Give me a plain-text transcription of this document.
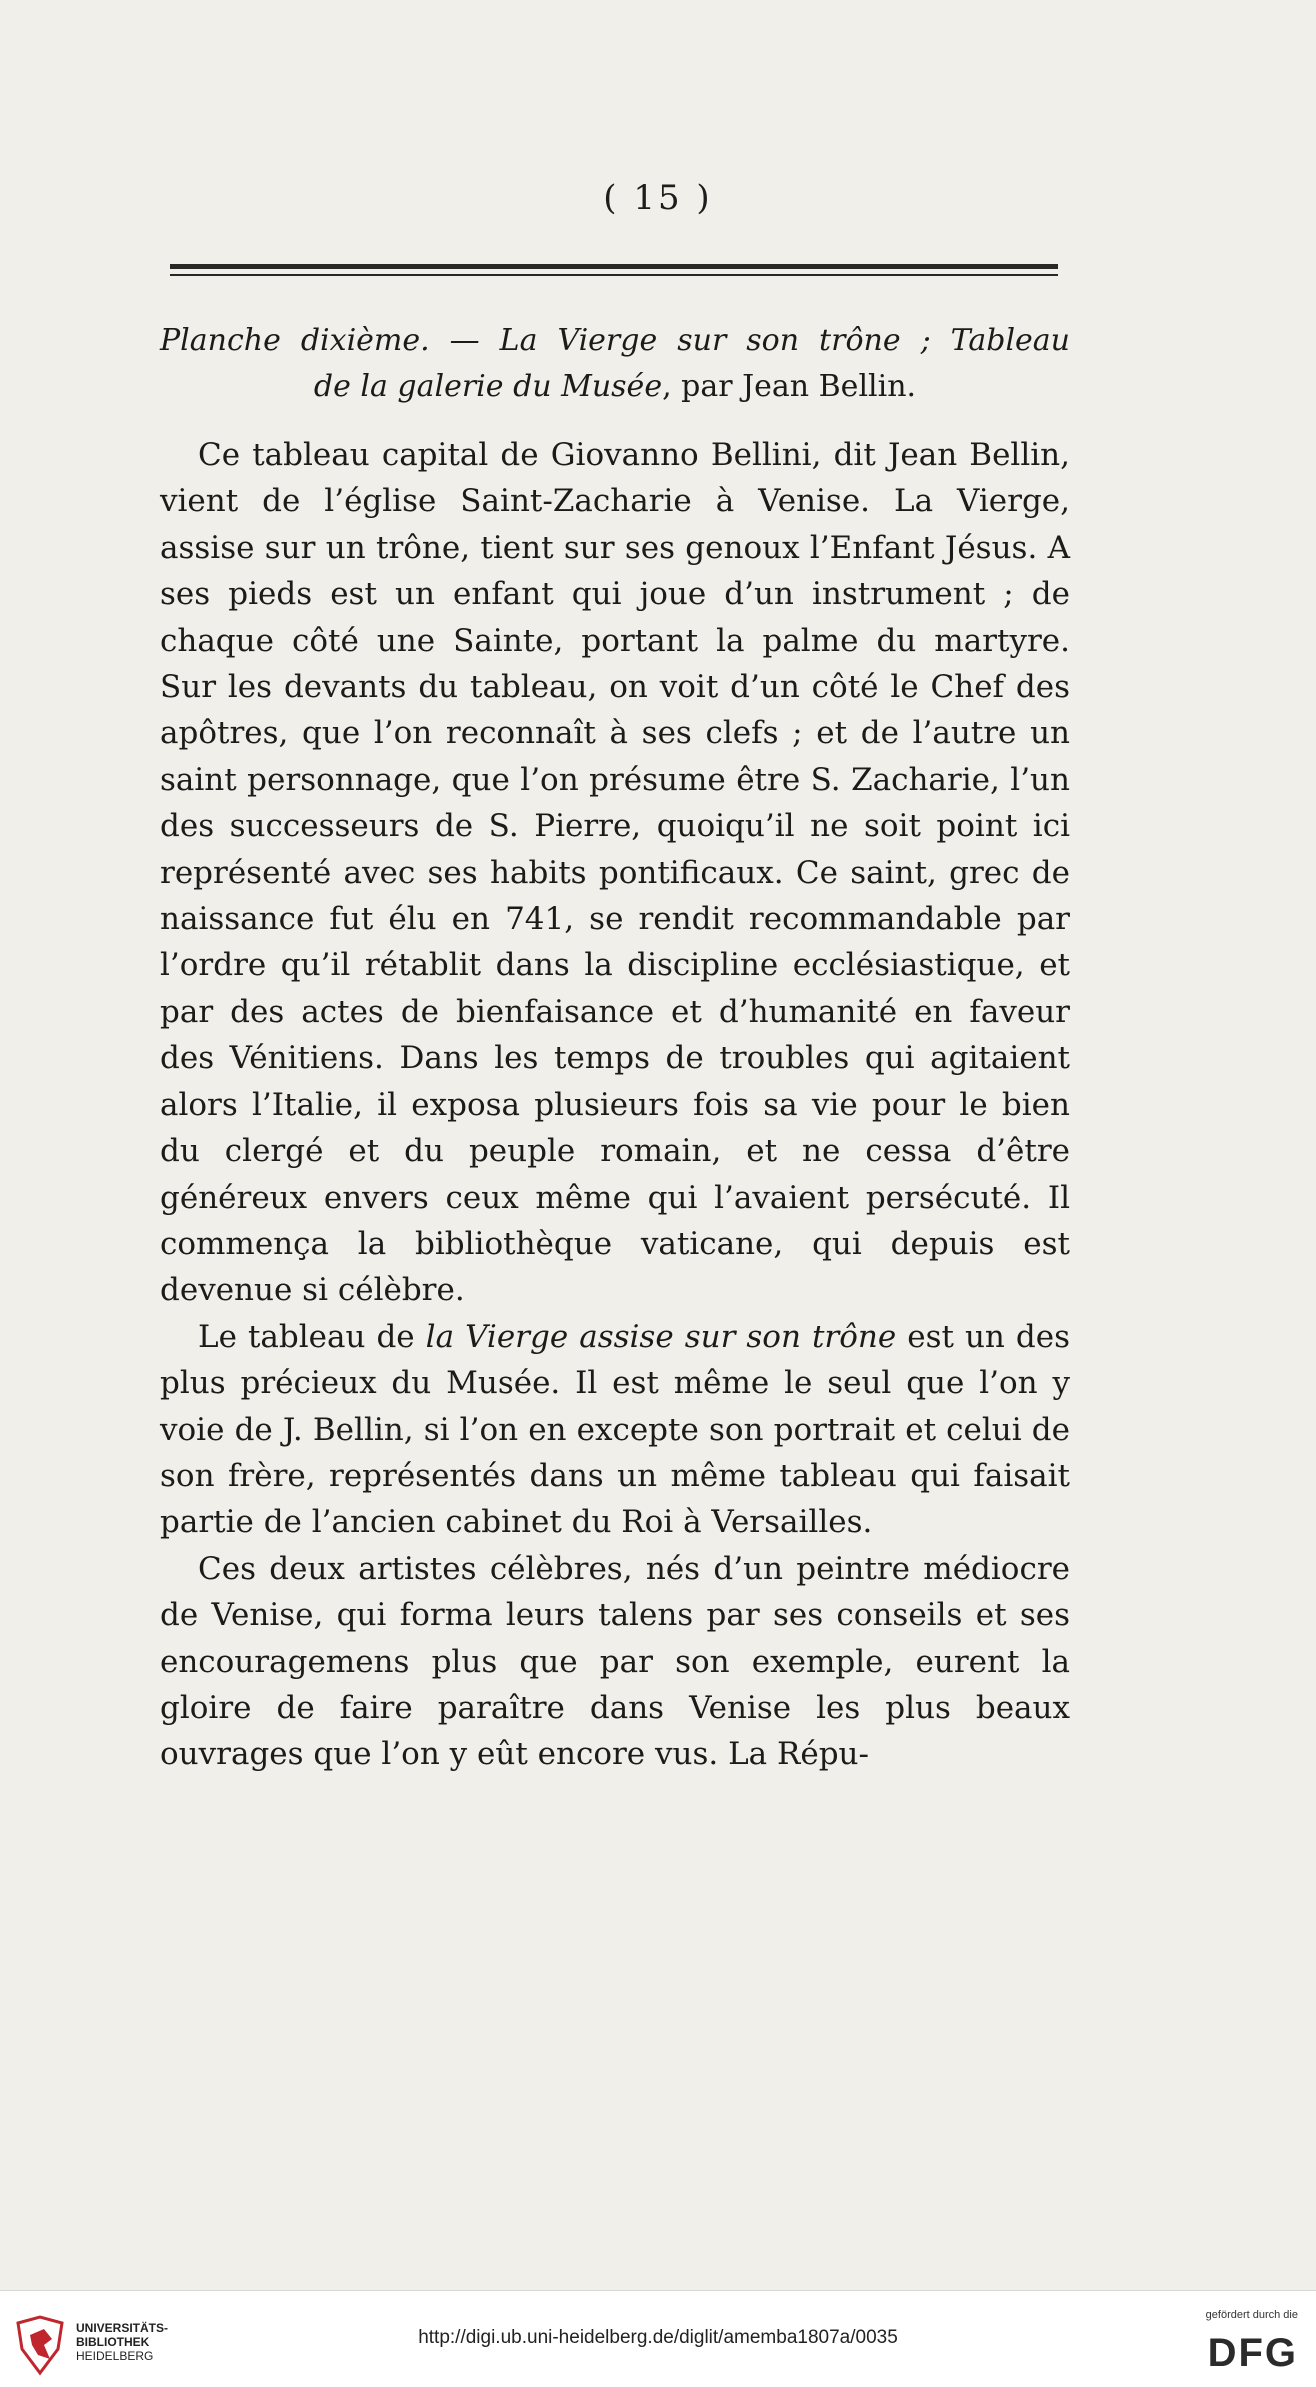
( 15 )

Planche dixième. — La Vierge sur son trône ; Tableau

de la galerie du Musée, par Jean Bellin.

Ce tableau capital de Giovanno Bellini, dit Jean Bellin, vient de l’église Saint-Zacharie à Venise. La Vierge, assise sur un trône, tient sur ses genoux l’Enfant Jésus. A ses pieds est un enfant qui joue d’un instrument ; de chaque côté une Sainte, portant la palme du martyre. Sur les devants du tableau, on voit d’un côté le Chef des apôtres, que l’on reconnaît à ses clefs ; et de l’autre un saint personnage, que l’on présume être S. Zacharie, l’un des successeurs de S. Pierre, quoiqu’il ne soit point ici représenté avec ses habits pontificaux. Ce saint, grec de naissance fut élu en 741, se rendit recommandable par l’ordre qu’il rétablit dans la discipline ecclésiastique, et par des actes de bienfaisance et d’humanité en faveur des Vénitiens. Dans les temps de troubles qui agitaient alors l’Italie, il exposa plusieurs fois sa vie pour le bien du clergé et du peuple romain, et ne cessa d’être généreux envers ceux même qui l’avaient persécuté. Il commença la bibliothèque vaticane, qui depuis est devenue si célèbre.

Le tableau de la Vierge assise sur son trône est un des plus précieux du Musée. Il est même le seul que l’on y voie de J. Bellin, si l’on en excepte son portrait et celui de son frère, représentés dans un même tableau qui faisait partie de l’ancien cabinet du Roi à Versailles.

Ces deux artistes célèbres, nés d’un peintre médiocre de Venise, qui forma leurs talens par ses conseils et ses encouragemens plus que par son exemple, eurent la gloire de faire paraître dans Venise les plus beaux ouvrages que l’on y eût encore vus. La Répu-

UNIVERSITÄTS-
BIBLIOTHEK
HEIDELBERG
http://digi.ub.uni-heidelberg.de/diglit/amemba1807a/0035
gefördert durch die
DFG
